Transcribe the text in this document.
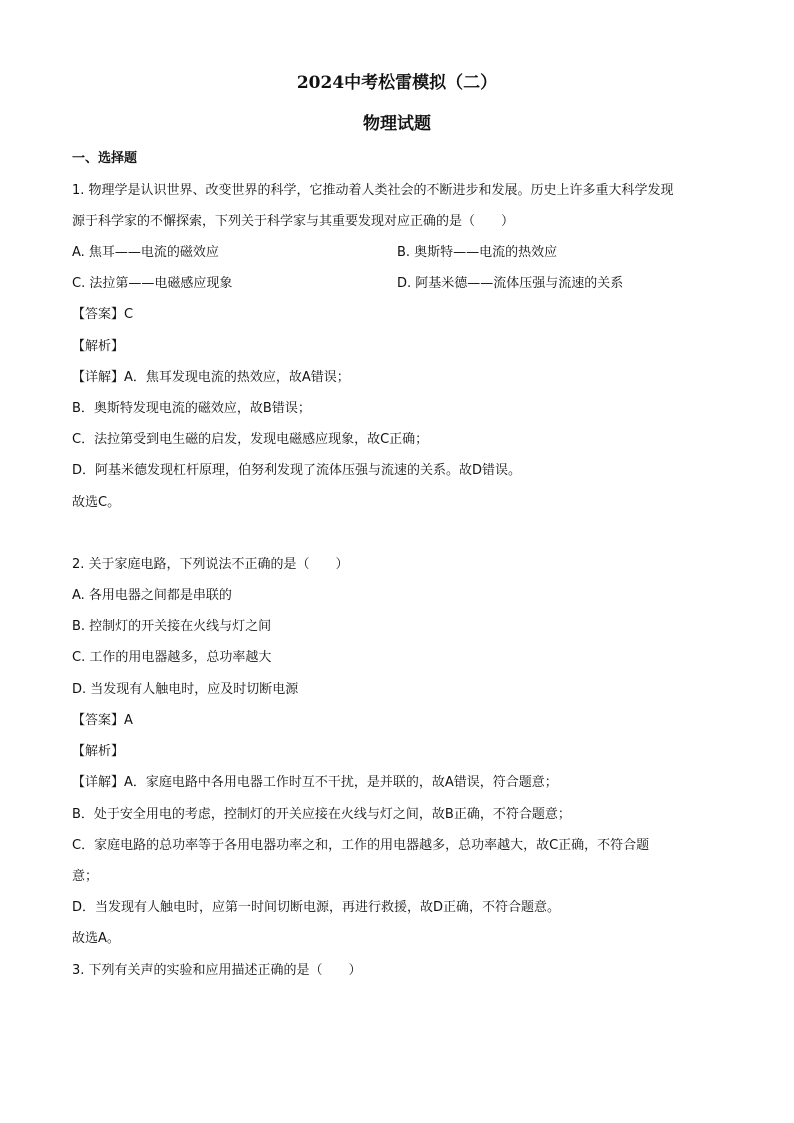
2024中考松雷模拟（二）
物理试题
一、选择题
1. 物理学是认识世界、改变世界的科学，它推动着人类社会的不断进步和发展。历史上许多重大科学发现
源于科学家的不懈探索，下列关于科学家与其重要发现对应正确的是（　　）
A. 焦耳——电流的磁效应	B. 奥斯特——电流的热效应
C. 法拉第——电磁感应现象	D. 阿基米德——流体压强与流速的关系
【答案】C
【解析】
【详解】A．焦耳发现电流的热效应，故A错误；
B．奥斯特发现电流的磁效应，故B错误；
C．法拉第受到电生磁的启发，发现电磁感应现象，故C正确；
D．阿基米德发现杠杆原理，伯努利发现了流体压强与流速的关系。故D错误。
故选C。
2. 关于家庭电路，下列说法不正确的是（　　）
A. 各用电器之间都是串联的
B. 控制灯的开关接在火线与灯之间
C. 工作的用电器越多，总功率越大
D. 当发现有人触电时，应及时切断电源
【答案】A
【解析】
【详解】A．家庭电路中各用电器工作时互不干扰，是并联的，故A错误，符合题意；
B．处于安全用电的考虑，控制灯的开关应接在火线与灯之间，故B正确，不符合题意；
C．家庭电路的总功率等于各用电器功率之和，工作的用电器越多，总功率越大，故C正确，不符合题
意；
D．当发现有人触电时，应第一时间切断电源，再进行救援，故D正确，不符合题意。
故选A。
3. 下列有关声的实验和应用描述正确的是（　　）
